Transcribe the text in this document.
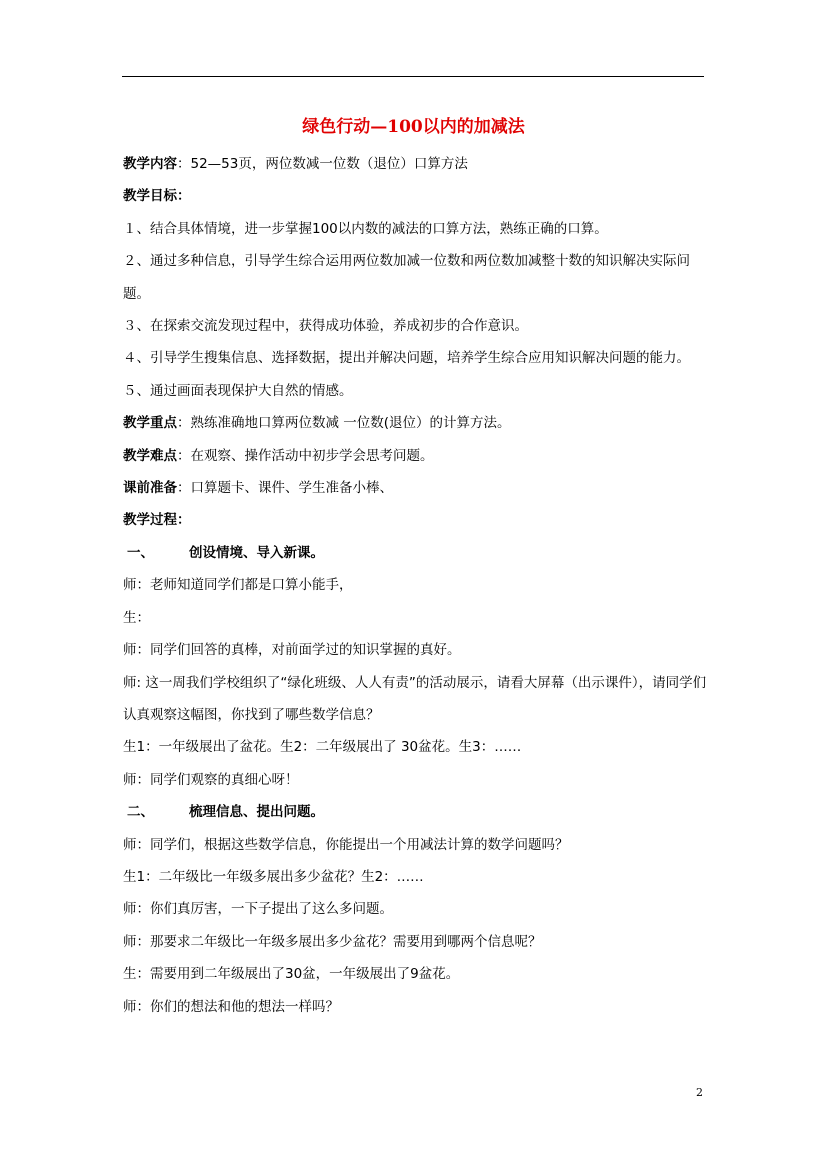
绿色行动—100以内的加减法

教学内容：52—53页，两位数减一位数（退位）口算方法

教学目标：

１、结合具体情境，进一步掌握100以内数的减法的口算方法，熟练正确的口算。

２、通过多种信息，引导学生综合运用两位数加减一位数和两位数加减整十数的知识解决实际问题。

３、在探索交流发现过程中，获得成功体验，养成初步的合作意识。

４、引导学生搜集信息、选择数据，提出并解决问题，培养学生综合应用知识解决问题的能力。

５、通过画面表现保护大自然的情感。

教学重点：熟练准确地口算两位数减 一位数(退位）的计算方法。

教学难点：在观察、操作活动中初步学会思考问题。

课前准备：口算题卡、课件、学生准备小棒、

教学过程：

一、	创设情境、导入新课。

师：老师知道同学们都是口算小能手，

生：

师：同学们回答的真棒，对前面学过的知识掌握的真好。

师: 这一周我们学校组织了“绿化班级、人人有责”的活动展示，请看大屏幕（出示课件），请同学们认真观察这幅图，你找到了哪些数学信息？

生1：一年级展出了盆花。生2：二年级展出了 30盆花。生3：……

师：同学们观察的真细心呀！

二、	梳理信息、提出问题。

师：同学们，根据这些数学信息，你能提出一个用减法计算的数学问题吗？

生1：二年级比一年级多展出多少盆花？生2：……

师：你们真厉害，一下子提出了这么多问题。

师：那要求二年级比一年级多展出多少盆花？需要用到哪两个信息呢？

生：需要用到二年级展出了30盆，一年级展出了9盆花。

师：你们的想法和他的想法一样吗？

2
